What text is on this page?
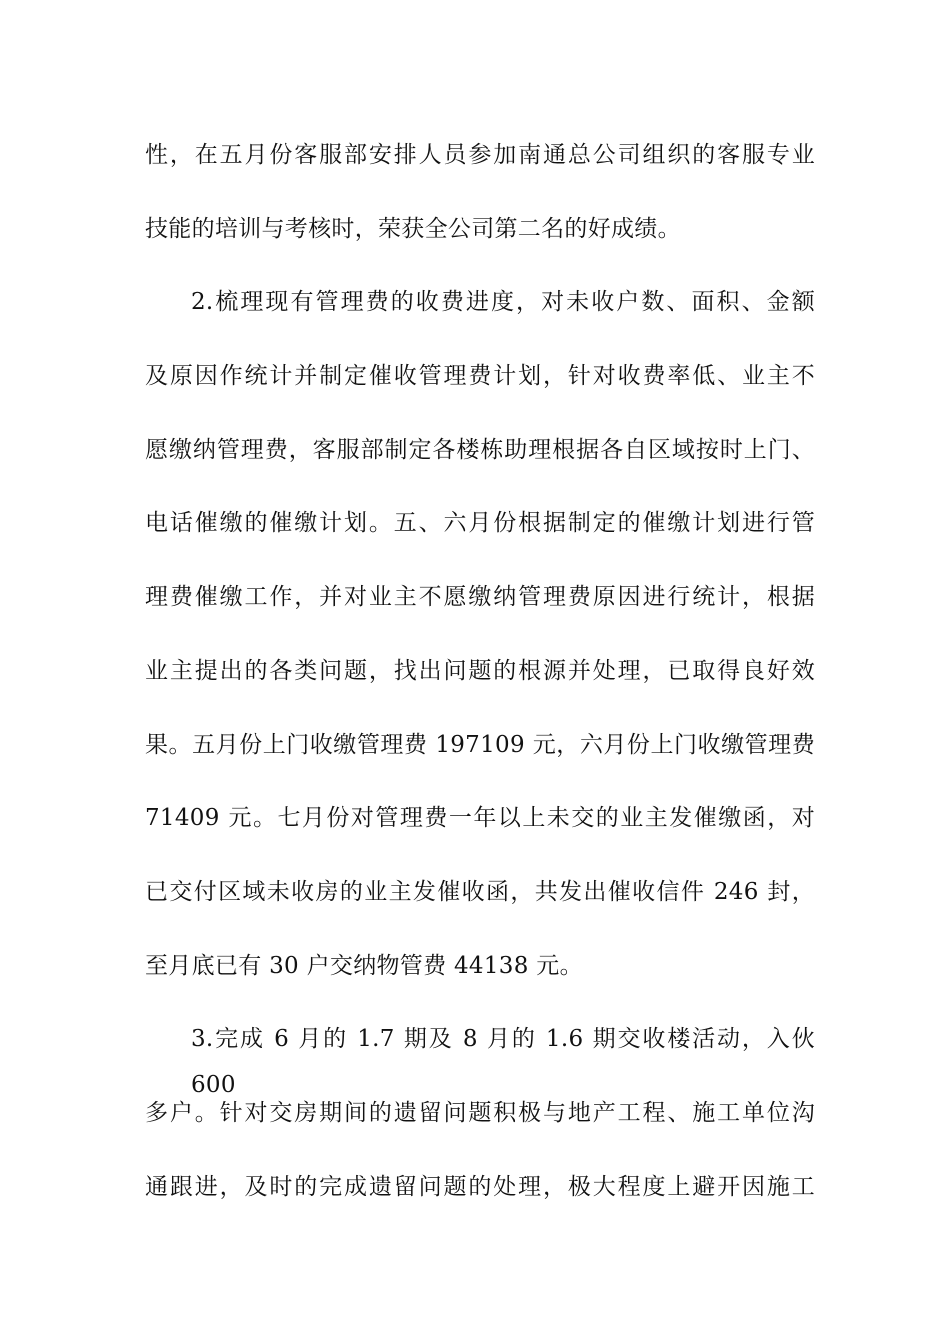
性，在五月份客服部安排人员参加南通总公司组织的客服专业
技能的培训与考核时，荣获全公司第二名的好成绩。
2.梳理现有管理费的收费进度，对未收户数、面积、金额
及原因作统计并制定催收管理费计划，针对收费率低、业主不
愿缴纳管理费，客服部制定各楼栋助理根据各自区域按时上门、
电话催缴的催缴计划。五、六月份根据制定的催缴计划进行管
理费催缴工作，并对业主不愿缴纳管理费原因进行统计，根据
业主提出的各类问题，找出问题的根源并处理，已取得良好效
果。五月份上门收缴管理费 197109 元，六月份上门收缴管理费
71409 元。七月份对管理费一年以上未交的业主发催缴函，对
已交付区域未收房的业主发催收函，共发出催收信件 246 封，
至月底已有 30 户交纳物管费 44138 元。
3.完成 6 月的 1.7 期及 8 月的 1.6 期交收楼活动，入伙 600
多户。针对交房期间的遗留问题积极与地产工程、施工单位沟
通跟进，及时的完成遗留问题的处理，极大程度上避开因施工
